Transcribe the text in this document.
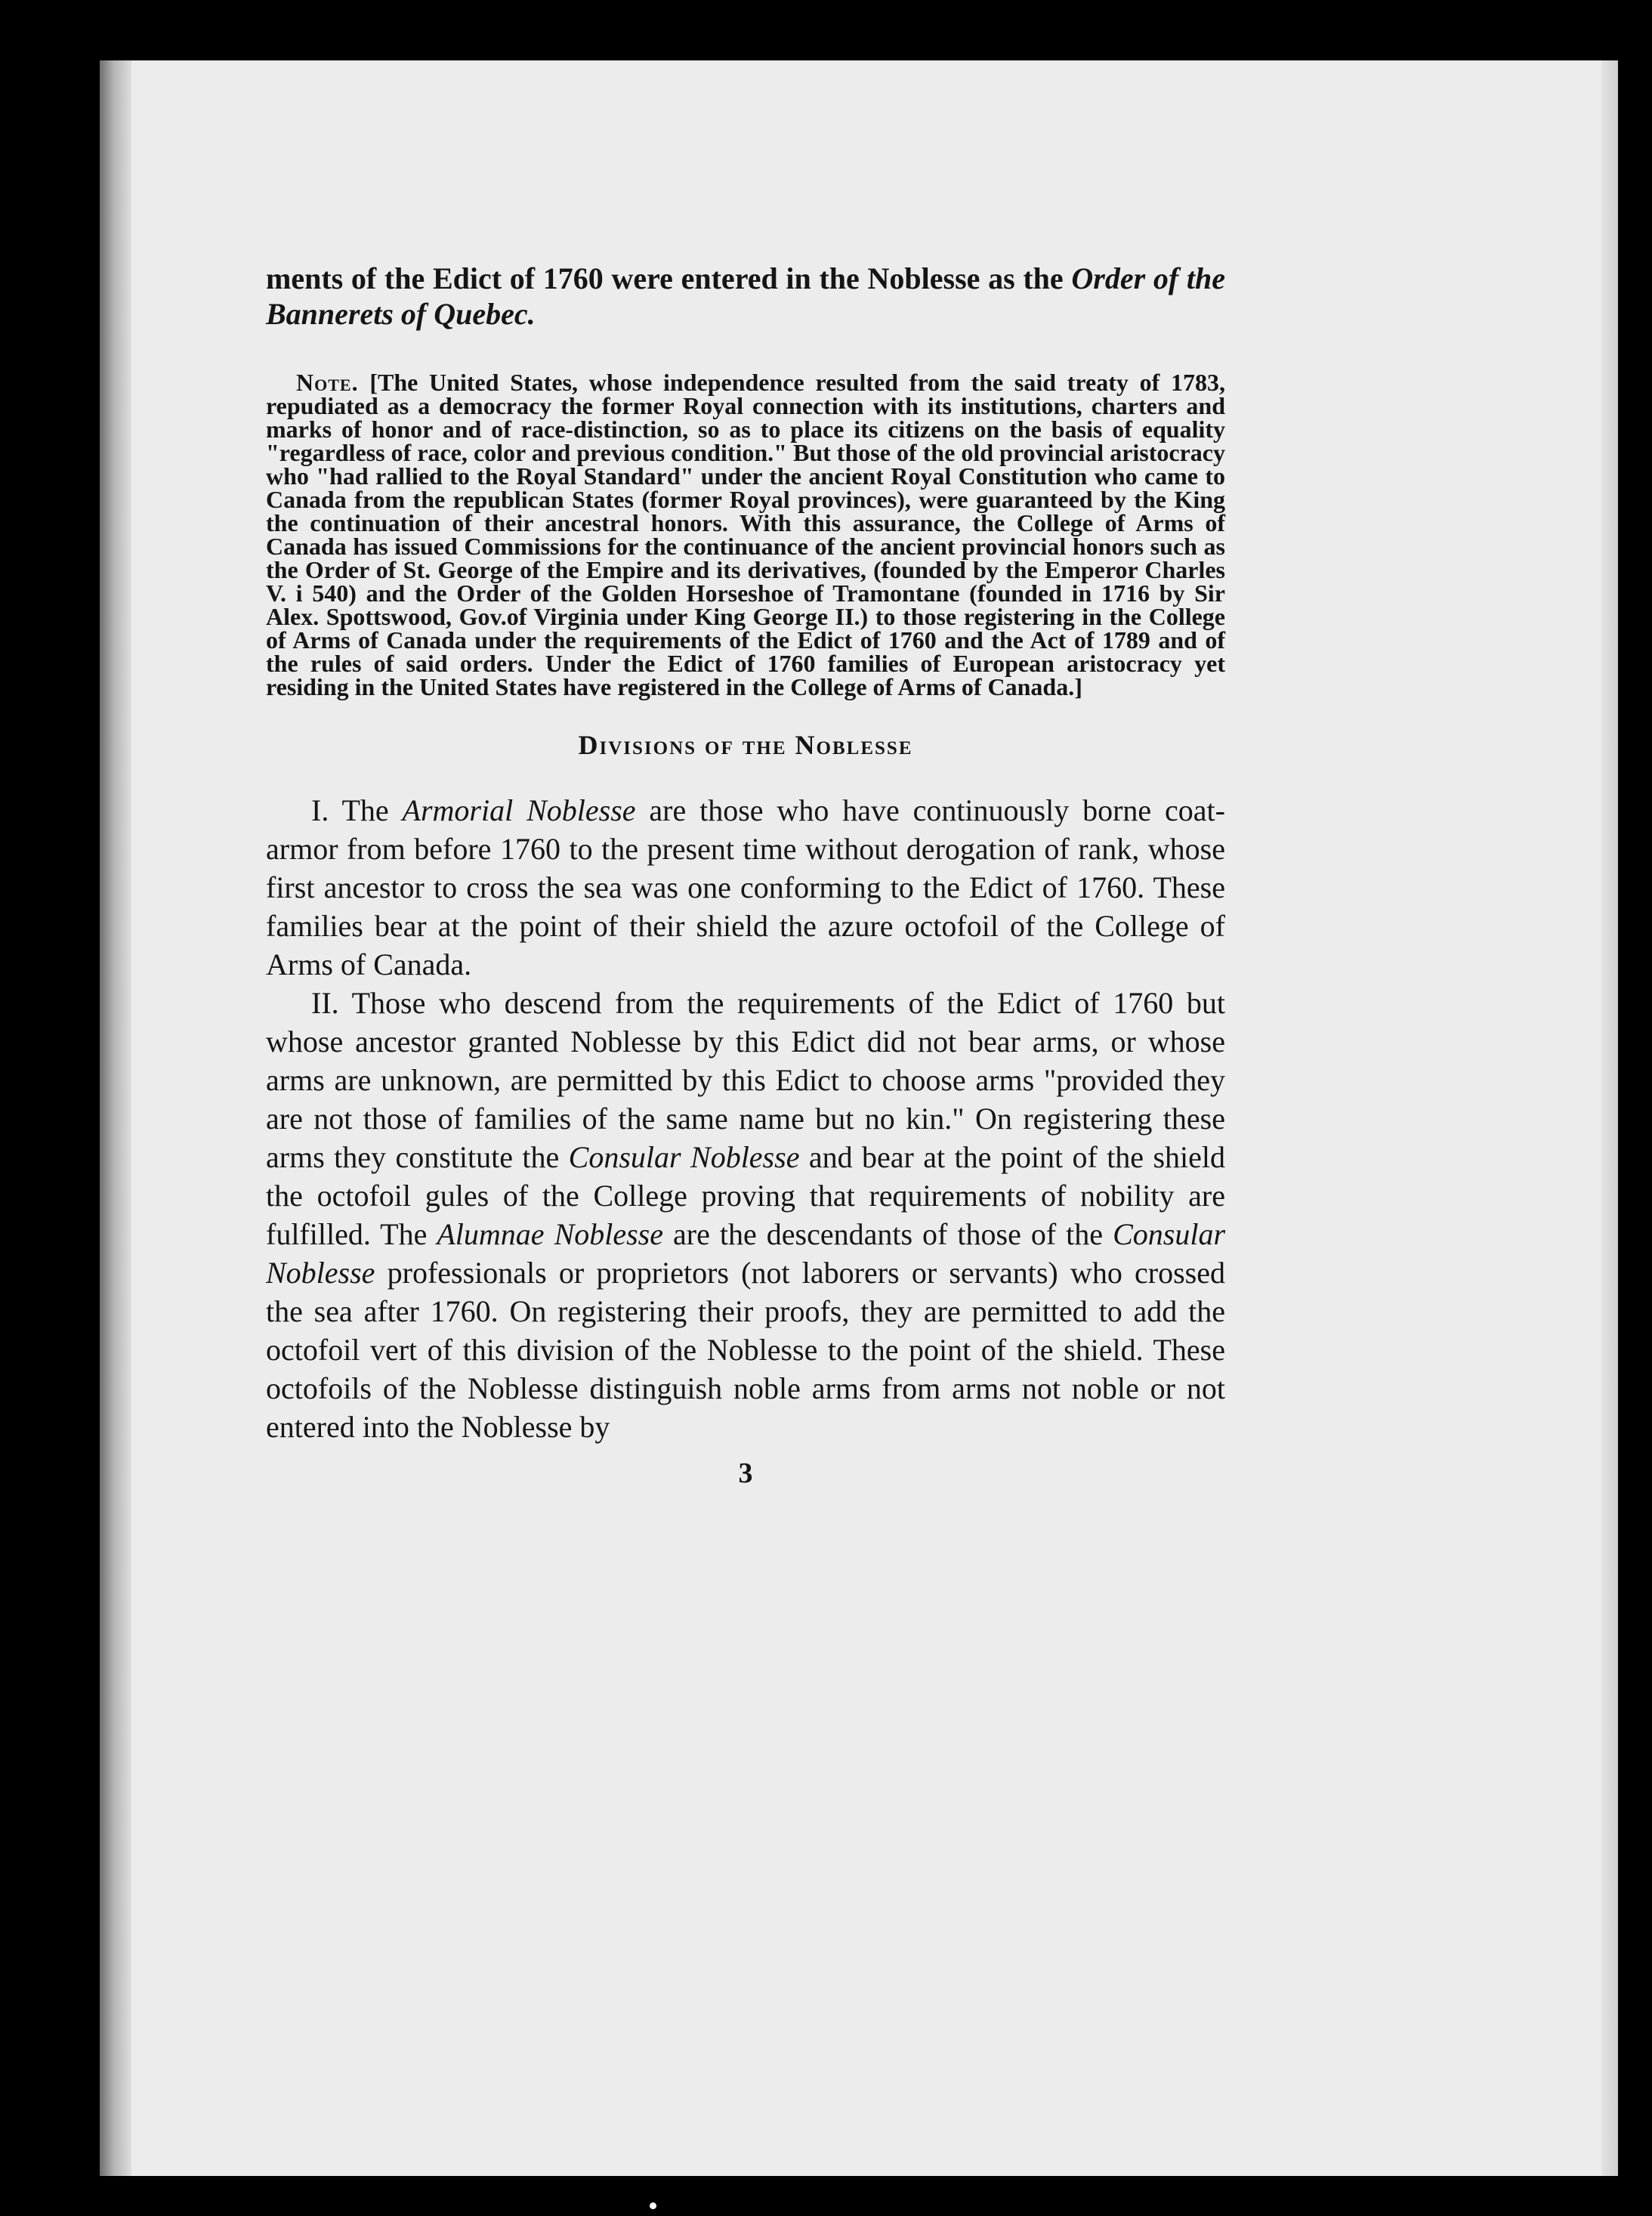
ments of the Edict of 1760 were entered in the Noblesse as the Order of the Bannerets of Quebec.

Note. [The United States, whose independence resulted from the said treaty of 1783, repudiated as a democracy the former Royal connection with its institutions, charters and marks of honor and of race-distinction, so as to place its citizens on the basis of equality "regardless of race, color and previous condition." But those of the old provincial aristocracy who "had rallied to the Royal Standard" under the ancient Royal Constitution who came to Canada from the republican States (former Royal provinces), were guaranteed by the King the continuation of their ancestral honors. With this assurance, the College of Arms of Canada has issued Commissions for the continuance of the ancient provincial honors such as the Order of St. George of the Empire and its derivatives, (founded by the Emperor Charles V. i 540) and the Order of the Golden Horseshoe of Tramontane (founded in 1716 by Sir Alex. Spottswood, Gov.of Virginia under King George II.) to those registering in the College of Arms of Canada under the requirements of the Edict of 1760 and the Act of 1789 and of the rules of said orders. Under the Edict of 1760 families of European aristocracy yet residing in the United States have registered in the College of Arms of Canada.]

Divisions of the Noblesse

I. The Armorial Noblesse are those who have continuously borne coat-armor from before 1760 to the present time without derogation of rank, whose first ancestor to cross the sea was one conforming to the Edict of 1760. These families bear at the point of their shield the azure octofoil of the College of Arms of Canada.

II. Those who descend from the requirements of the Edict of 1760 but whose ancestor granted Noblesse by this Edict did not bear arms, or whose arms are unknown, are permitted by this Edict to choose arms "provided they are not those of families of the same name but no kin." On registering these arms they constitute the Consular Noblesse and bear at the point of the shield the octofoil gules of the College proving that requirements of nobility are fulfilled. The Alumnae Noblesse are the descendants of those of the Consular Noblesse professionals or proprietors (not laborers or servants) who crossed the sea after 1760. On registering their proofs, they are permitted to add the octofoil vert of this division of the Noblesse to the point of the shield. These octofoils of the Noblesse distinguish noble arms from arms not noble or not entered into the Noblesse by

3
